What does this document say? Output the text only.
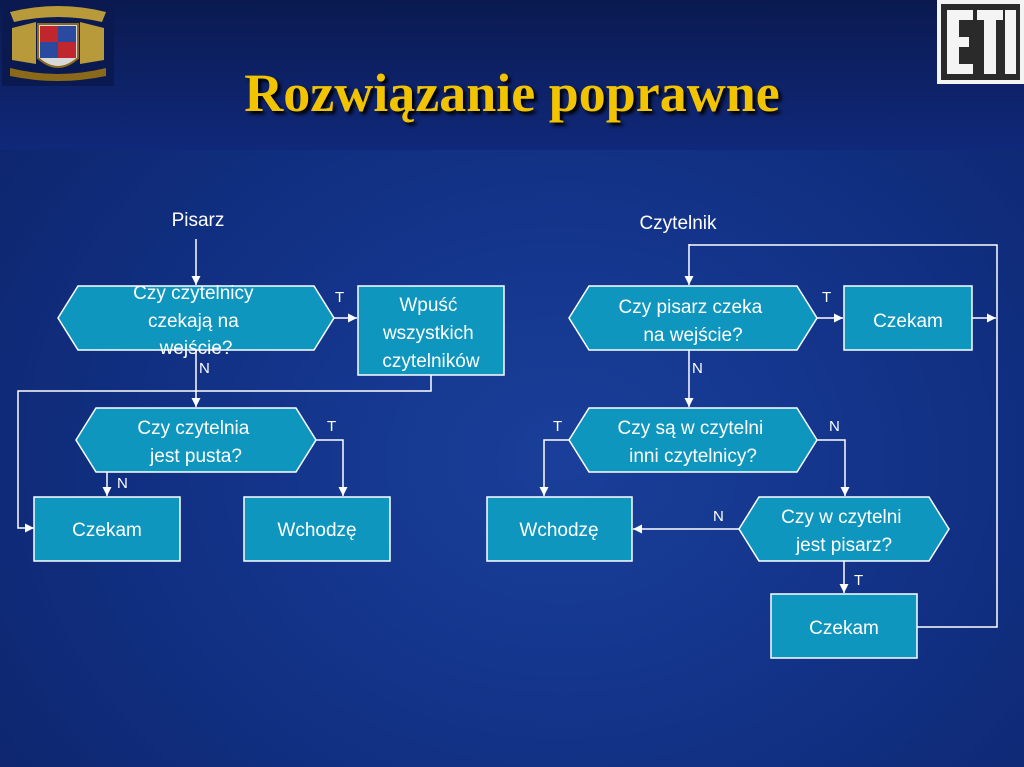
Rozwiązanie poprawne
Pisarz
Czy czytelnicy czekają na wejście?
T	Wpuść wszystkich czytelników
N
Czy czytelnia jest pusta?
T
N
Czekam	Wchodzę
Czytelnik
Czy pisarz czeka na wejście?
T
Czekam
N
Czy są w czytelni inni czytelnicy?
T	N
Wchodzę
Czy w czytelni jest pisarz?
N
T
Czekam
